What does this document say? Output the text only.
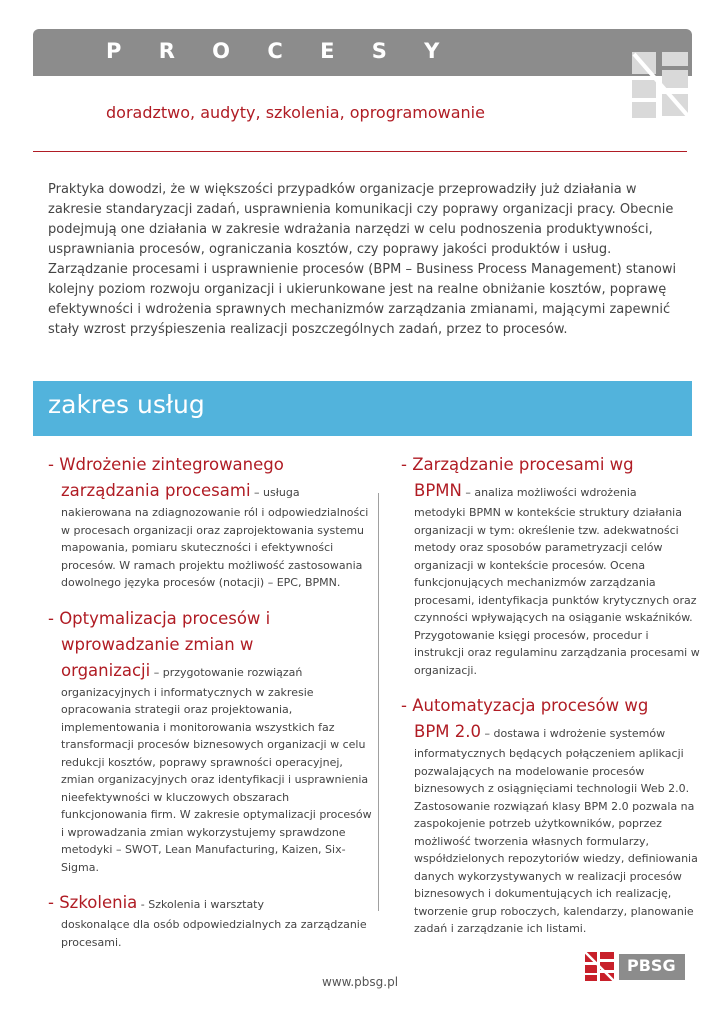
P R O C E S Y
doradztwo, audyty, szkolenia, oprogramowanie
Praktyka dowodzi, że w większości przypadków organizacje przeprowadziły już działania w zakresie standaryzacji zadań, usprawnienia komunikacji czy poprawy organizacji pracy. Obecnie podejmują one działania w zakresie wdrażania narzędzi w celu podnoszenia produktywności, usprawniania procesów, ograniczania kosztów, czy poprawy jakości produktów i usług. Zarządzanie procesami i usprawnienie procesów (BPM – Business Process Management) stanowi kolejny poziom rozwoju organizacji i ukierunkowane jest na realne obniżanie kosztów, poprawę efektywności i wdrożenia sprawnych mechanizmów zarządzania zmianami, mającymi zapewnić stały wzrost przyśpieszenia realizacji poszczególnych zadań, przez to procesów.
zakres usług
- Wdrożenie zintegrowanego
zarządzania procesami – usługa
nakierowana na zdiagnozowanie ról i odpowiedzialności w procesach organizacji oraz zaprojektowania systemu mapowania, pomiaru skuteczności i efektywności procesów. W ramach projektu możliwość zastosowania dowolnego języka procesów (notacji) – EPC, BPMN.
- Optymalizacja procesów i
wprowadzanie zmian w
organizacji – przygotowanie rozwiązań
organizacyjnych i informatycznych w zakresie opracowania strategii oraz projektowania, implementowania i monitorowania wszystkich faz transformacji procesów biznesowych organizacji w celu redukcji kosztów, poprawy sprawności operacyjnej, zmian organizacyjnych oraz identyfikacji i usprawnienia nieefektywności w kluczowych obszarach funkcjonowania firm. W zakresie optymalizacji procesów i wprowadzania zmian wykorzystujemy sprawdzone metodyki – SWOT, Lean Manufacturing, Kaizen, Six-Sigma.
- Szkolenia - Szkolenia i warsztaty
doskonalące dla osób odpowiedzialnych za zarządzanie procesami.
- Zarządzanie procesami wg
BPMN – analiza możliwości wdrożenia
metodyki BPMN w kontekście struktury działania organizacji w tym: określenie tzw. adekwatności metody oraz sposobów parametryzacji celów organizacji w kontekście procesów. Ocena funkcjonujących mechanizmów zarządzania procesami, identyfikacja punktów krytycznych oraz czynności wpływających na osiąganie wskaźników. Przygotowanie księgi procesów, procedur i instrukcji oraz regulaminu zarządzania procesami w organizacji.
- Automatyzacja procesów wg
BPM 2.0 – dostawa i wdrożenie systemów
informatycznych będących połączeniem aplikacji pozwalających na modelowanie procesów biznesowych z osiągnięciami technologii Web 2.0. Zastosowanie rozwiązań klasy BPM 2.0 pozwala na zaspokojenie potrzeb użytkowników, poprzez możliwość tworzenia własnych formularzy, współdzielonych repozytoriów wiedzy, definiowania danych wykorzystywanych w realizacji procesów biznesowych i dokumentujących ich realizację, tworzenie grup roboczych, kalendarzy, planowanie zadań i zarządzanie ich listami.
www.pbsg.pl
PBSG
